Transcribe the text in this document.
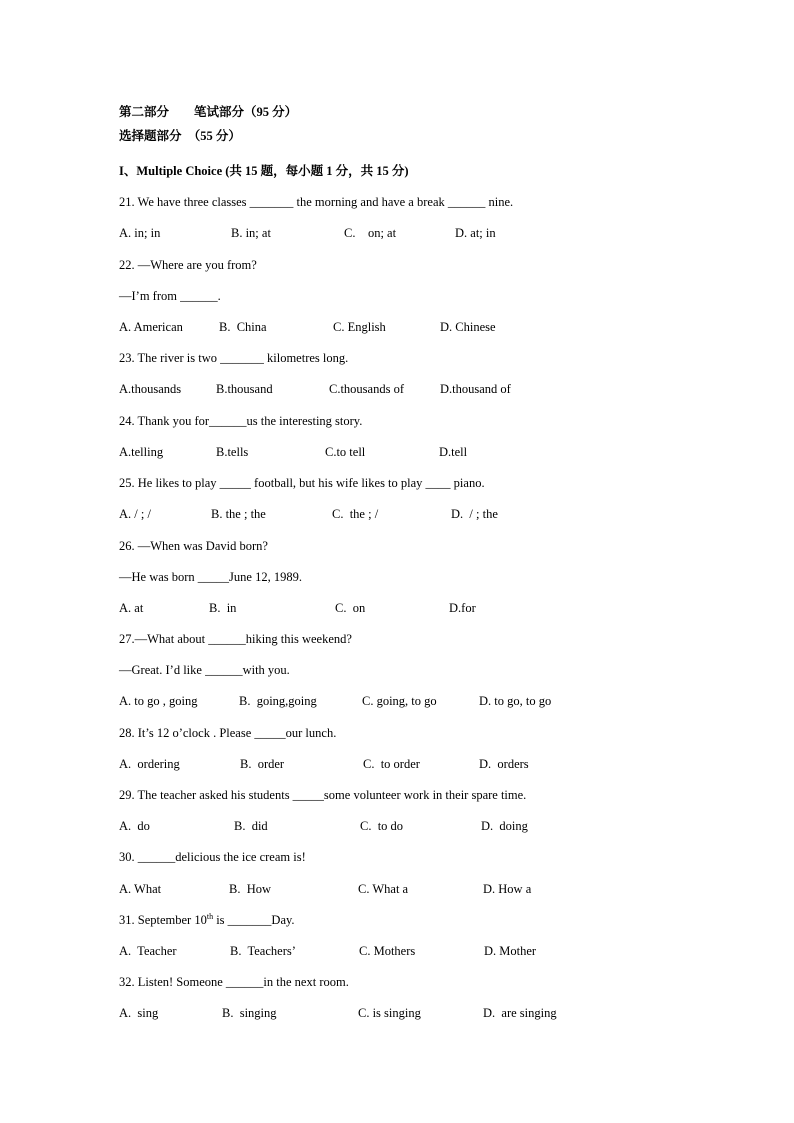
第二部分　　笔试部分（95 分）
选择题部分　（55 分）
I、Multiple Choice (共 15 题，每小题 1 分，共 15 分)
21. We have three classes _______ the morning and have a break ______ nine.
A. in; in	B. in; at	C.    on; at	D. at; in
22. —Where are you from?
—I’m from ______.
A. American	B.  China	C. English	D. Chinese
23. The river is two _______ kilometres long.
A.thousands	B.thousand	C.thousands of	D.thousand of
24. Thank you for______us the interesting story.
A.telling	B.tells	C.to tell	D.tell
25. He likes to play _____ football, but his wife likes to play ____ piano.
A. / ; /	B. the ; the	C.  the ; /	D.  / ; the
26. —When was David born?
—He was born _____June 12, 1989.
A. at	B.  in	C.  on	D.for
27.—What about ______hiking this weekend?
—Great. I’d like ______with you.
A. to go , going	B.  going,going	C. going, to go	D. to go, to go
28. It’s 12 o’clock . Please _____our lunch.
A.  ordering	B.  order	C.  to order	D.  orders
29. The teacher asked his students _____some volunteer work in their spare time.
A.  do	B.  did	C.  to do	D.  doing
30. ______delicious the ice cream is!
A. What	B.  How	C. What a	D. How a
31. September 10th is _______Day.
A.  Teacher	B.  Teachers’	C. Mothers	D. Mother
32. Listen! Someone ______in the next room.
A.  sing	B.  singing	C. is singing	D.  are singing
